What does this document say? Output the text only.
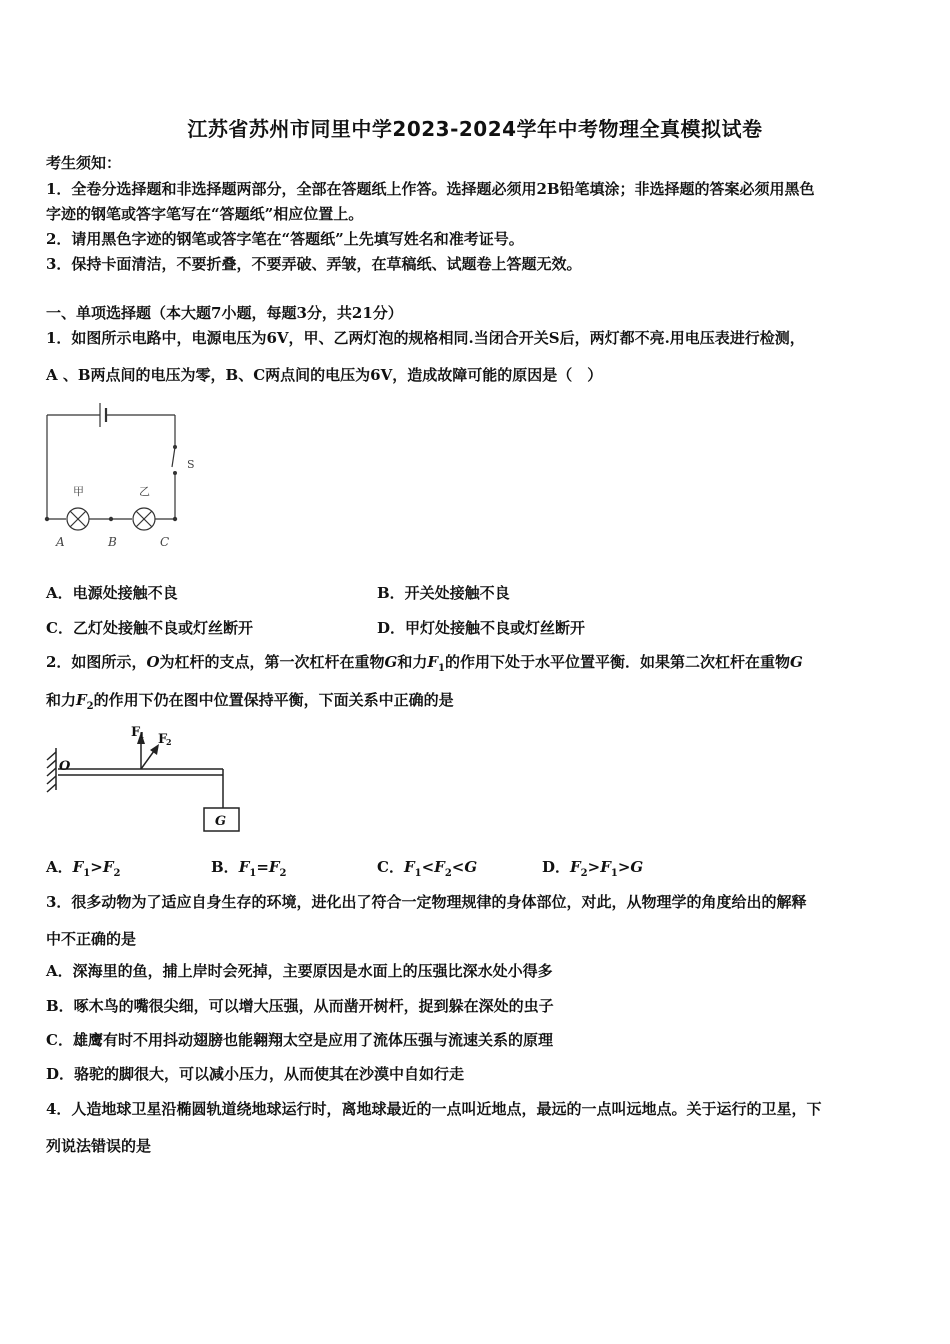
江苏省苏州市同里中学2023-2024学年中考物理全真模拟试卷
考生须知：
1．全卷分选择题和非选择题两部分，全部在答题纸上作答。选择题必须用2B铅笔填涂；非选择题的答案必须用黑色
字迹的钢笔或答字笔写在“答题纸”相应位置上。
2．请用黑色字迹的钢笔或答字笔在“答题纸”上先填写姓名和准考证号。
3．保持卡面清洁，不要折叠，不要弄破、弄皱，在草稿纸、试题卷上答题无效。
一、单项选择题（本大题7小题，每题3分，共21分）
1．如图所示电路中，电源电压为6V，甲、乙两灯泡的规格相同.当闭合开关S后，两灯都不亮.用电压表进行检测，
A 、B两点间的电压为零，B、C两点间的电压为6V，造成故障可能的原因是（　）
S
甲	乙
A	B	C
A．电源处接触不良	B．开关处接触不良
C．乙灯处接触不良或灯丝断开	D．甲灯处接触不良或灯丝断开
2．如图所示，O为杠杆的支点，第一次杠杆在重物G和力$F_1$的作用下处于水平位置平衡．如果第二次杠杆在重物G
和力$F_2$的作用下仍在图中位置保持平衡，下面关系中正确的是
O
F
1 F
2
G
A．$F_1>F_2$	B．$F_1=F_2$	C．$F_1<F_2<G$	D．$F_2>F_1>G$
3．很多动物为了适应自身生存的环境，进化出了符合一定物理规律的身体部位，对此，从物理学的角度给出的解释
中不正确的是
A．深海里的鱼，捕上岸时会死掉，主要原因是水面上的压强比深水处小得多
B．啄木鸟的嘴很尖细，可以增大压强，从而凿开树杆，捉到躲在深处的虫子
C．雄鹰有时不用抖动翅膀也能翱翔太空是应用了流体压强与流速关系的原理
D．骆驼的脚很大，可以减小压力，从而使其在沙漠中自如行走
4．人造地球卫星沿椭圆轨道绕地球运行时，离地球最近的一点叫近地点，最远的一点叫远地点。关于运行的卫星，下
列说法错误的是
